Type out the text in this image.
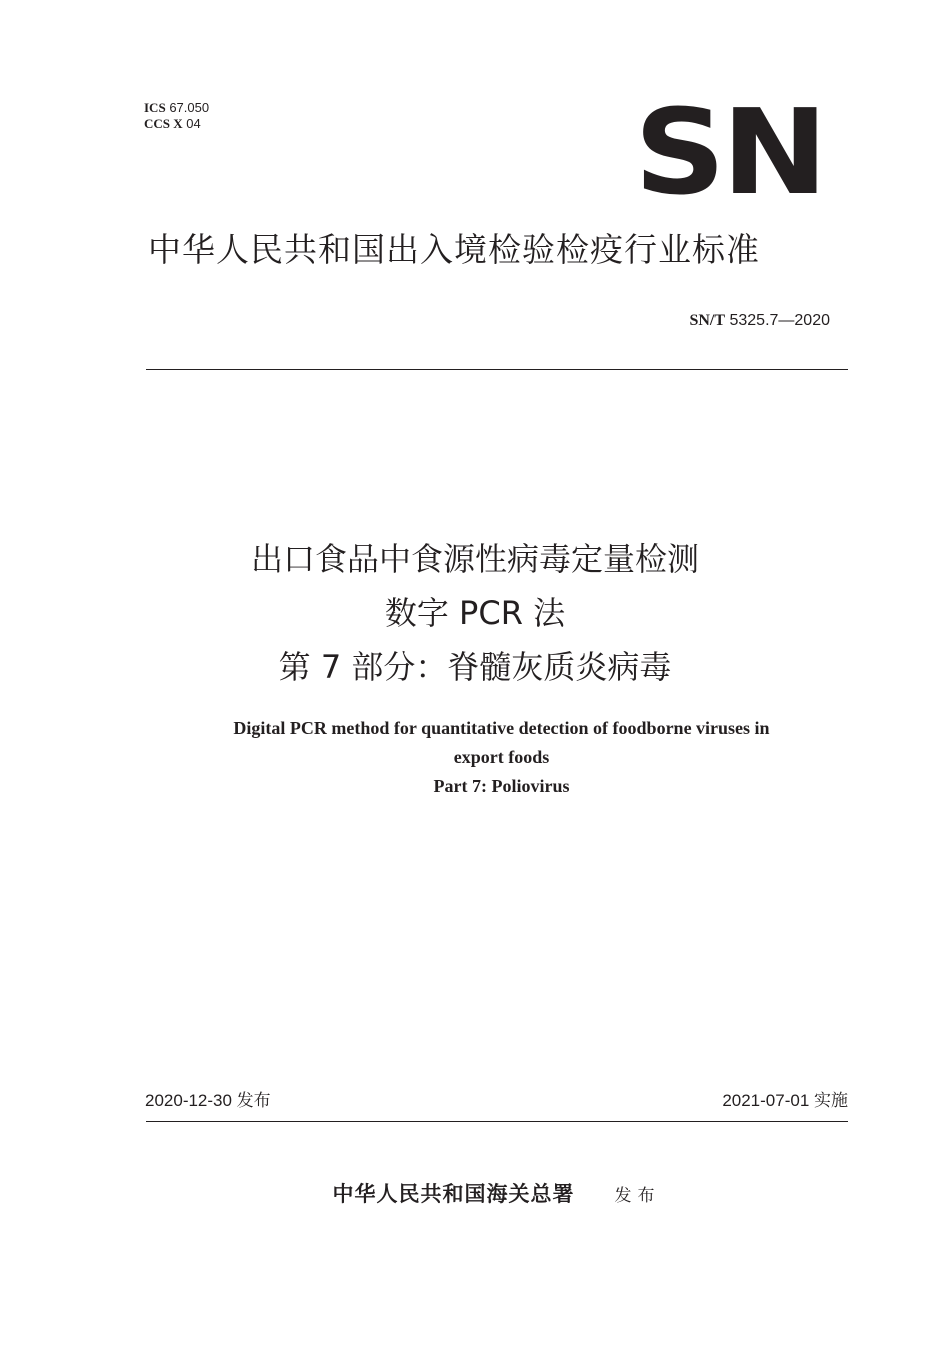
ICS 67.050
CCS X 04	SN
中华人民共和国出入境检验检疫行业标准
SN/T 5325.7—2020
出口食品中食源性病毒定量检测
数字 PCR 法
第 7 部分：脊髓灰质炎病毒
Digital PCR method for quantitative detection of foodborne viruses in
export foods
Part 7: Poliovirus
2020-12-30 发布	2021-07-01 实施
中华人民共和国海关总署 发布
